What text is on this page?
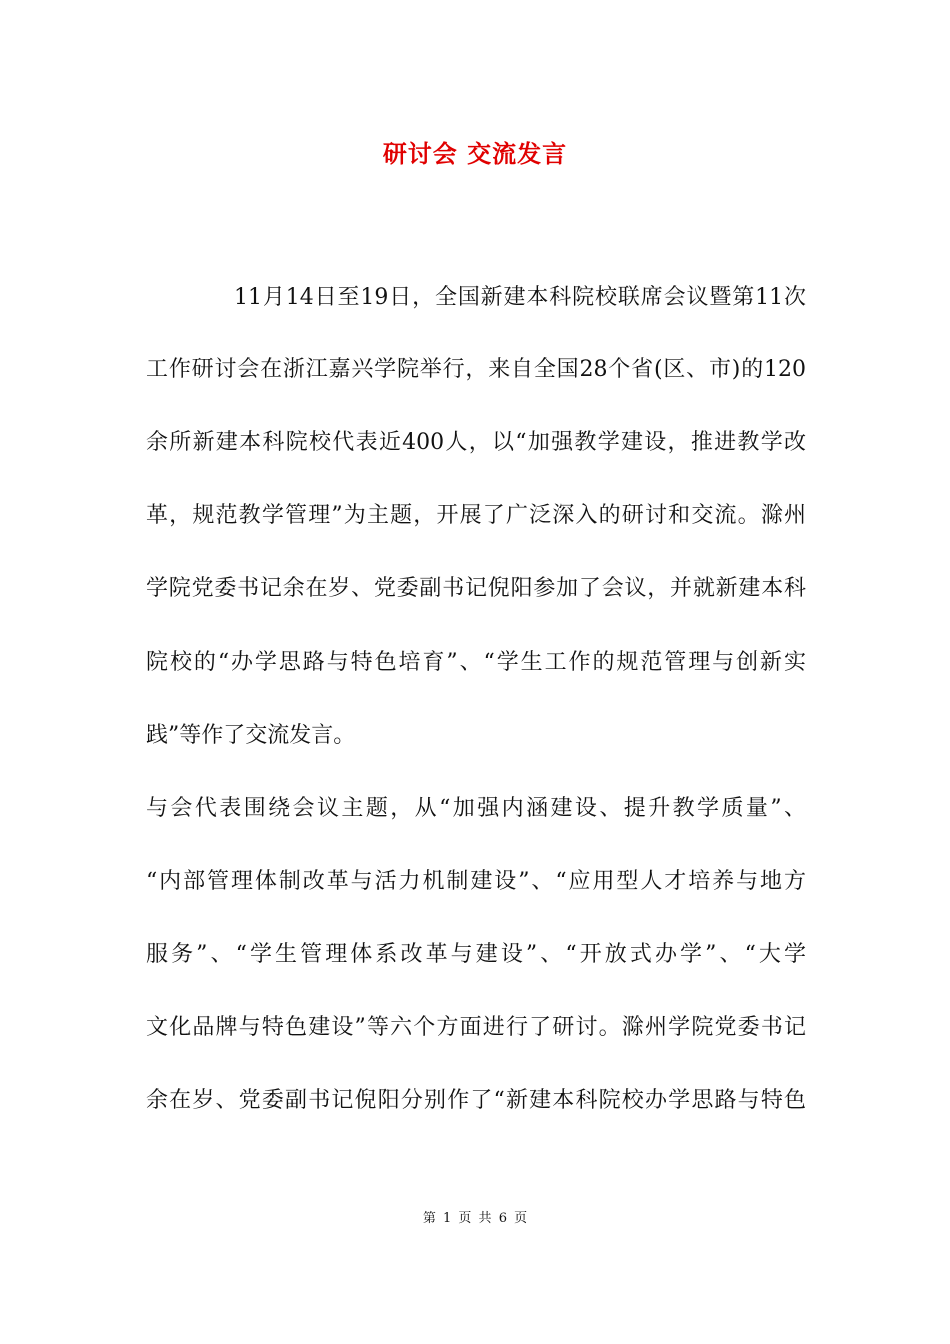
研讨会 交流发言
11月14日至19日，全国新建本科院校联席会议暨第11次
工作研讨会在浙江嘉兴学院举行，来自全国28个省(区、市)的120
余所新建本科院校代表近400人，以“加强教学建设，推进教学改
革，规范教学管理”为主题，开展了广泛深入的研讨和交流。滁州
学院党委书记余在岁、党委副书记倪阳参加了会议，并就新建本科
院校的“办学思路与特色培育”、“学生工作的规范管理与创新实
践”等作了交流发言。
与会代表围绕会议主题，从“加强内涵建设、提升教学质量”、
“内部管理体制改革与活力机制建设”、“应用型人才培养与地方
服务”、“学生管理体系改革与建设”、“开放式办学”、“大学
文化品牌与特色建设”等六个方面进行了研讨。滁州学院党委书记
余在岁、党委副书记倪阳分别作了“新建本科院校办学思路与特色
第 1 页 共 6 页
